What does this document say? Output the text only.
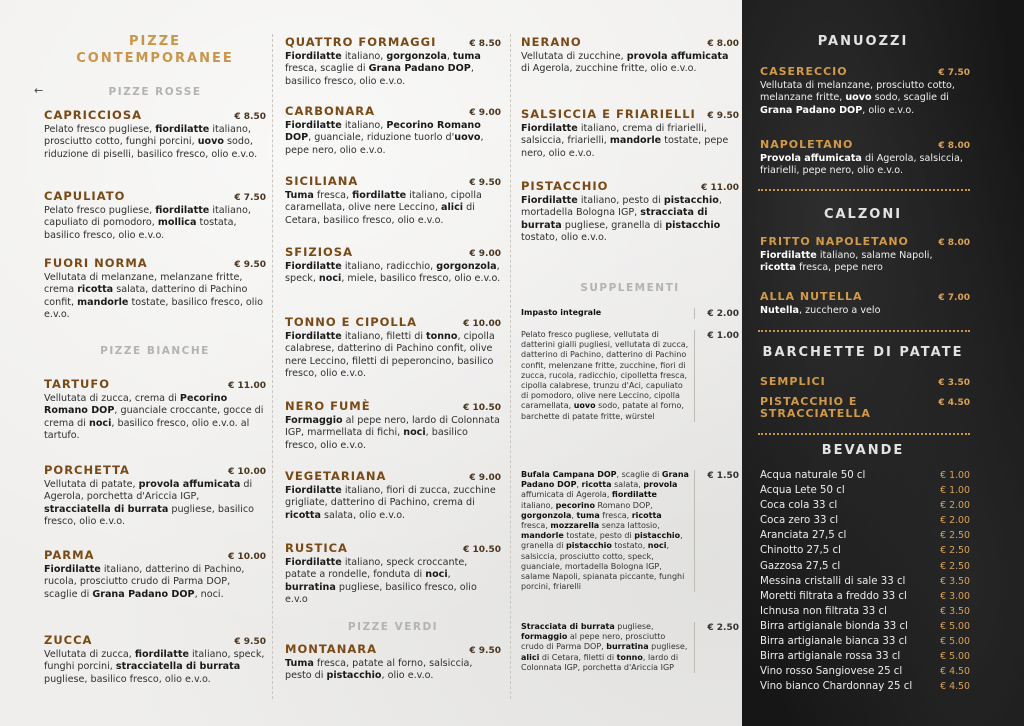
PIZZE
CONTEMPORANEE
PIZZE ROSSE
CAPRICCIOSA	€ 8.50
Pelato fresco pugliese, fiordilatte italiano, prosciutto cotto, funghi porcini, uovo sodo, riduzione di piselli, basilico fresco, olio e.v.o.
CAPULIATO	€ 7.50
Pelato fresco pugliese, fiordilatte italiano, capuliato di pomodoro, mollica tostata, basilico fresco, olio e.v.o.
FUORI NORMA	€ 9.50
Vellutata di melanzane, melanzane fritte, crema ricotta salata, datterino di Pachino confit, mandorle tostate, basilico fresco, olio e.v.o.
PIZZE BIANCHE
TARTUFO	€ 11.00
Vellutata di zucca, crema di Pecorino Romano DOP, guanciale croccante, gocce di crema di noci, basilico fresco, olio e.v.o. al tartufo.
PORCHETTA	€ 10.00
Vellutata di patate, provola affumicata di Agerola, porchetta d'Ariccia IGP, stracciatella di burrata pugliese, basilico fresco, olio e.v.o.
PARMA	€ 10.00
Fiordilatte italiano, datterino di Pachino, rucola, prosciutto crudo di Parma DOP, scaglie di Grana Padano DOP, noci.
ZUCCA	€ 9.50
Vellutata di zucca, fiordilatte italiano, speck, funghi porcini, stracciatella di burrata pugliese, basilico fresco, olio e.v.o.
←
QUATTRO FORMAGGI	€ 8.50
Fiordilatte italiano, gorgonzola, tuma fresca, scaglie di Grana Padano DOP, basilico fresco, olio e.v.o.
CARBONARA	€ 9.00
Fiordilatte italiano, Pecorino Romano DOP, guanciale, riduzione tuorlo d'uovo, pepe nero, olio e.v.o.
SICILIANA	€ 9.50
Tuma fresca, fiordilatte italiano, cipolla caramellata, olive nere Leccino, alici di Cetara, basilico fresco, olio e.v.o.
SFIZIOSA	€ 9.00
Fiordilatte italiano, radicchio, gorgonzola, speck, noci, miele, basilico fresco, olio e.v.o.
TONNO E CIPOLLA	€ 10.00
Fiordilatte italiano, filetti di tonno, cipolla calabrese, datterino di Pachino confit, olive nere Leccino, filetti di peperoncino, basilico fresco, olio e.v.o.
NERO FUMÈ	€ 10.50
Formaggio al pepe nero, lardo di Colonnata IGP, marmellata di fichi, noci, basilico fresco, olio e.v.o.
VEGETARIANA	€ 9.00
Fiordilatte italiano, fiori di zucca, zucchine grigliate, datterino di Pachino, crema di ricotta salata, olio e.v.o.
RUSTICA	€ 10.50
Fiordilatte italiano, speck croccante, patate a rondelle, fonduta di noci, burratina pugliese, basilico fresco, olio e.v.o
PIZZE VERDI
MONTANARA	€ 9.50
Tuma fresca, patate al forno, salsiccia, pesto di pistacchio, olio e.v.o.
NERANO	€ 8.00
Vellutata di zucchine, provola affumicata di Agerola, zucchine fritte, olio e.v.o.
SALSICCIA E FRIARIELLI € 9.50
Fiordilatte italiano, crema di friarielli, salsiccia, friarielli, mandorle tostate, pepe nero, olio e.v.o.
PISTACCHIO	€ 11.00
Fiordilatte italiano, pesto di pistacchio, mortadella Bologna IGP, stracciata di burrata pugliese, granella di pistacchio tostato, olio e.v.o.
SUPPLEMENTI
Impasto integrale	€ 2.00
Pelato fresco pugliese, vellutata di datterini gialli pugliesi, vellutata di zucca, datterino di Pachino, datterino di Pachino confit, melenzane fritte, zucchine, fiori di zucca, rucola, radicchio, cipolletta fresca, cipolla calabrese, trunzu d'Aci, capuliato di pomodoro, olive nere Leccino, cipolla caramellata, uovo sodo, patate al forno, barchette di patate fritte, würstel
€ 1.00
Bufala Campana DOP, scaglie di Grana Padano DOP, ricotta salata, provola affumicata di Agerola, fiordilatte italiano, pecorino Romano DOP, gorgonzola, tuma fresca, ricotta fresca, mozzarella senza lattosio, mandorle tostate, pesto di pistacchio, granella di pistacchio tostato, noci, salsiccia, prosciutto cotto, speck, guanciale, mortadella Bologna IGP, salame Napoli, spianata piccante, funghi porcini, friarelli
€ 1.50
Stracciata di burrata pugliese, formaggio al pepe nero, prosciutto crudo di Parma DOP, burratina pugliese, alici di Cetara, filetti di tonno, lardo di Colonnata IGP, porchetta d'Ariccia IGP
€ 2.50
PANUOZZI
CASERECCIO	€ 7.50
Vellutata di melanzane, prosciutto cotto, melanzane fritte, uovo sodo, scaglie di Grana Padano DOP, olio e.v.o.
NAPOLETANO	€ 8.00
Provola affumicata di Agerola, salsiccia, friarielli, pepe nero, olio e.v.o.
CALZONI
FRITTO NAPOLETANO	€ 8.00
Fiordilatte italiano, salame Napoli, ricotta fresca, pepe nero
ALLA NUTELLA	€ 7.00
Nutella, zucchero a velo
BARCHETTE DI PATATE
SEMPLICI	€ 3.50
PISTACCHIO E STRACCIATELLA
€ 4.50
BEVANDE
Acqua naturale 50 cl	€ 1.00
Acqua Lete 50 cl	€ 1.00
Coca cola 33 cl	€ 2.00
Coca zero 33 cl	€ 2.00
Aranciata 27,5 cl	€ 2.50
Chinotto 27,5 cl	€ 2.50
Gazzosa 27,5 cl	€ 2.50
Messina cristalli di sale 33 cl	€ 3.50
Moretti filtrata a freddo 33 cl	€ 3.00
Ichnusa non filtrata 33 cl	€ 3.50
Birra artigianale bionda 33 cl	€ 5.00
Birra artigianale bianca 33 cl	€ 5.00
Birra artigianale rossa 33 cl	€ 5.00
Vino rosso Sangiovese 25 cl	€ 4.50
Vino bianco Chardonnay 25 cl	€ 4.50
